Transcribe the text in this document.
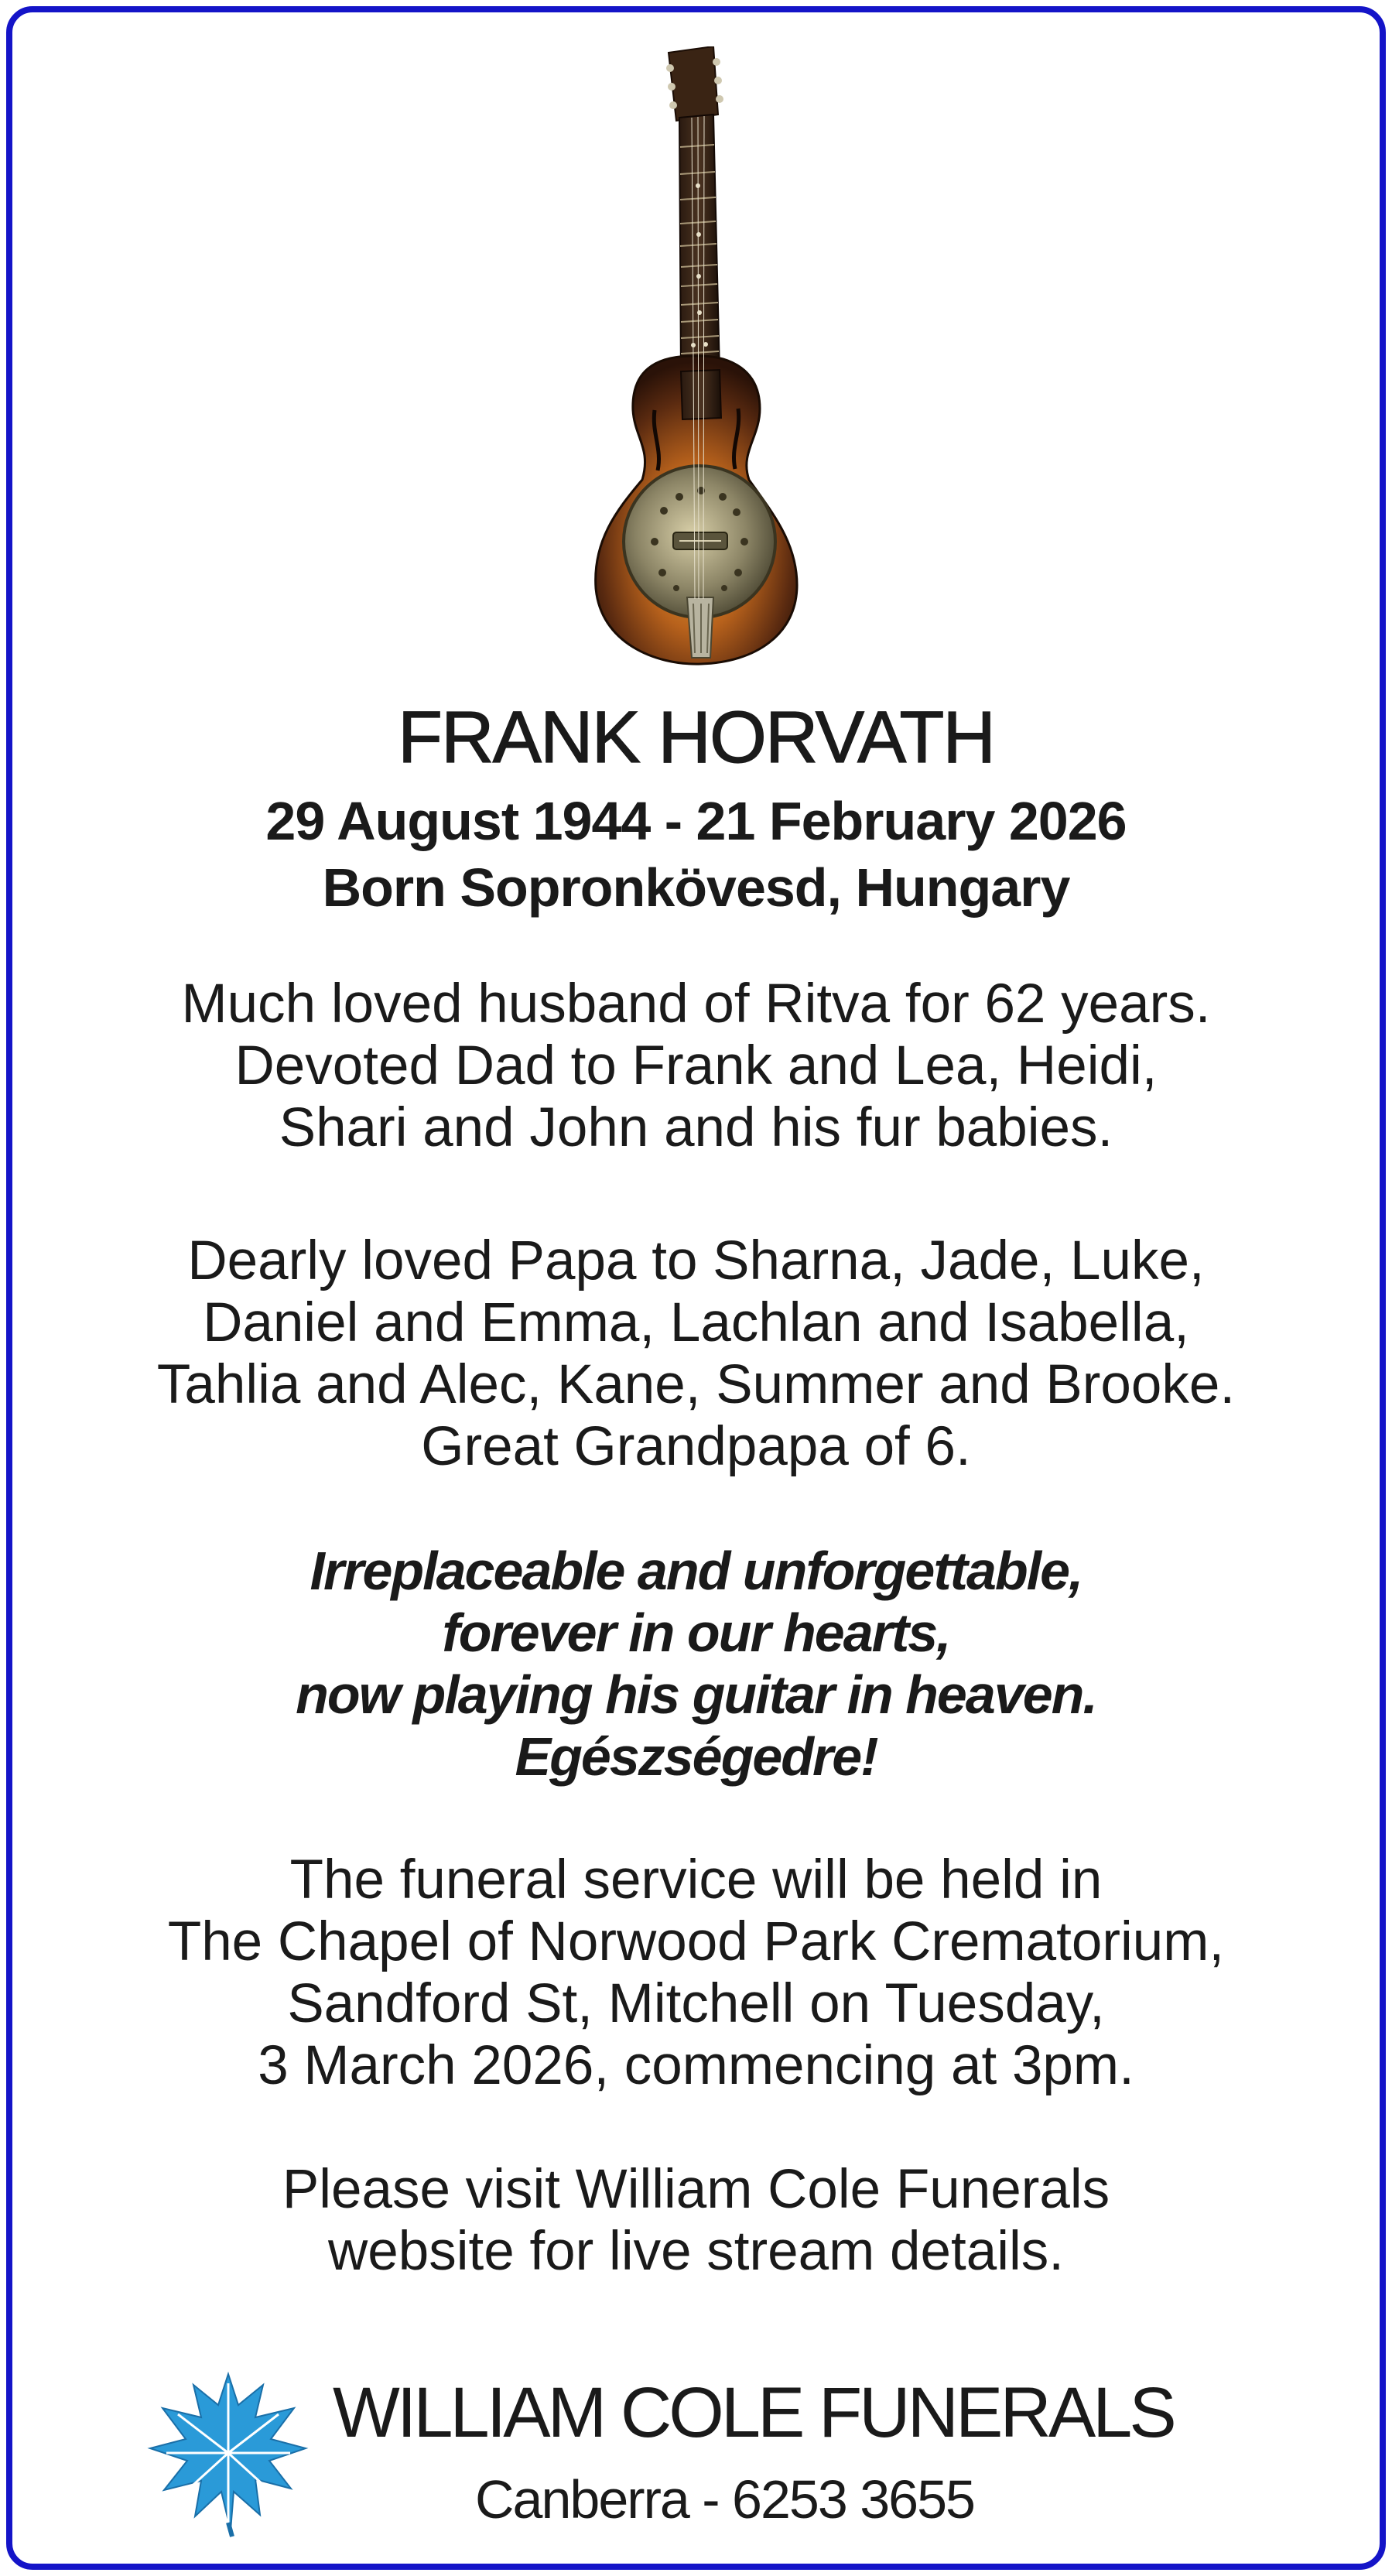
FRANK HORVATH
29 August 1944 - 21 February 2026
Born Sopronkövesd, Hungary
Much loved husband of Ritva for 62 years.
Devoted Dad to Frank and Lea, Heidi,
Shari and John and his fur babies.
Dearly loved Papa to Sharna, Jade, Luke,
Daniel and Emma, Lachlan and Isabella,
Tahlia and Alec, Kane, Summer and Brooke.
Great Grandpapa of 6.
Irreplaceable and unforgettable,
forever in our hearts,
now playing his guitar in heaven.
Egészségedre!
The funeral service will be held in
The Chapel of Norwood Park Crematorium,
Sandford St, Mitchell on Tuesday,
3 March 2026, commencing at 3pm.
Please visit William Cole Funerals
website for live stream details.
WILLIAM COLE FUNERALS
Canberra - 6253 3655
